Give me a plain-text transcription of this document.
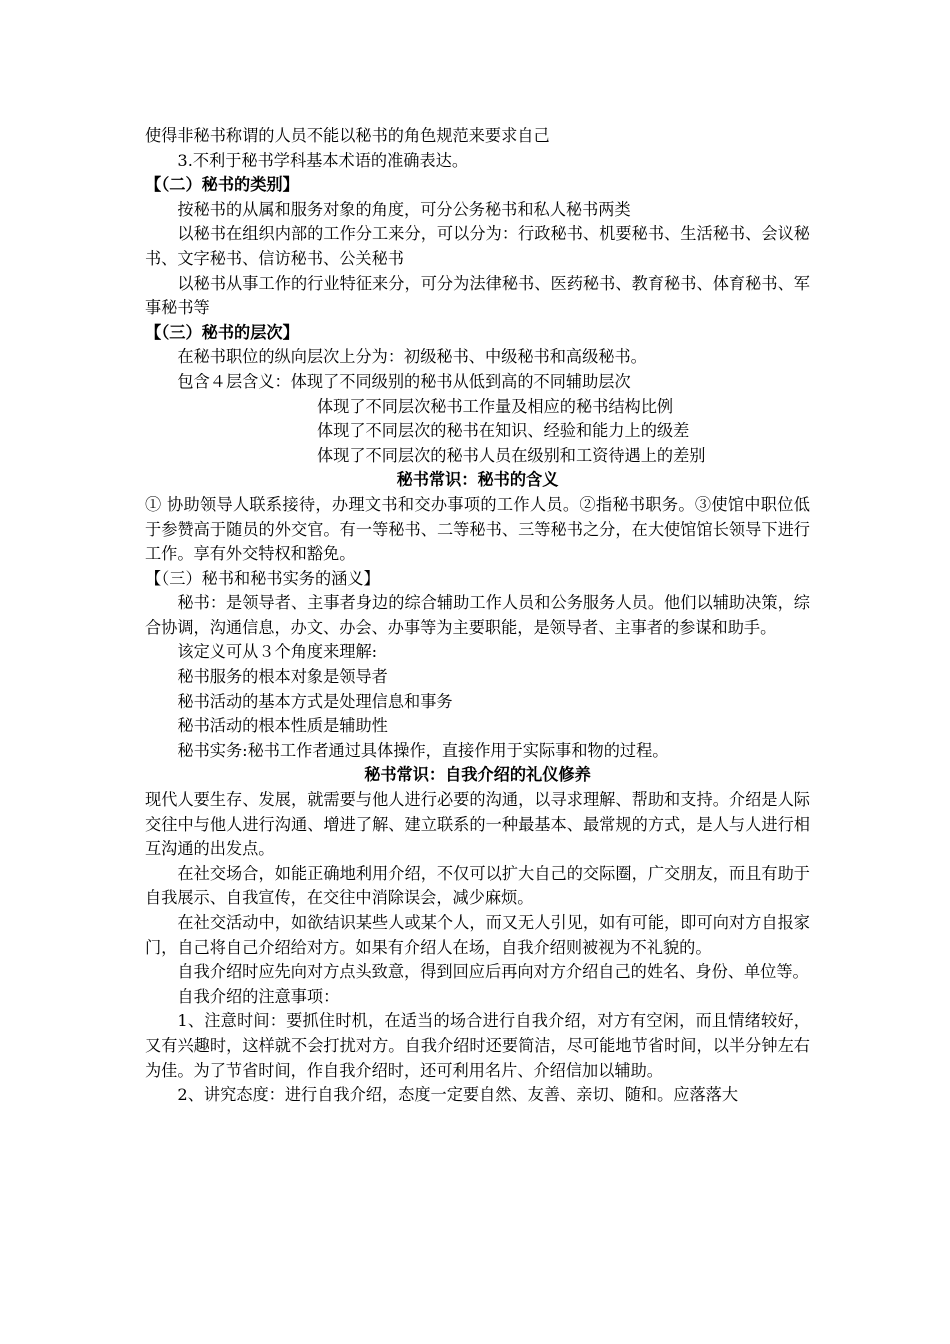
使得非秘书称谓的人员不能以秘书的角色规范来要求自己

3.不利于秘书学科基本术语的准确表达。

【（二）秘书的类别】

按秘书的从属和服务对象的角度，可分公务秘书和私人秘书两类

以秘书在组织内部的工作分工来分，可以分为：行政秘书、机要秘书、生活秘书、会议秘 书、文字秘书、信访秘书、公关秘书

以秘书从事工作的行业特征来分，可分为法律秘书、医药秘书、教育秘书、体育秘书、军事秘书等

【（三）秘书的层次】

在秘书职位的纵向层次上分为：初级秘书、中级秘书和高级秘书。

包含４层含义：体现了不同级别的秘书从低到高的不同辅助层次

体现了不同层次秘书工作量及相应的秘书结构比例

体现了不同层次的秘书在知识、经验和能力上的级差

体现了不同层次的秘书人员在级别和工资待遇上的差别

秘书常识：秘书的含义

① 协助领导人联系接待，办理文书和交办事项的工作人员。②指秘书职务。③使馆中职位低于参赞高于随员的外交官。有一等秘书、二等秘书、三等秘书之分，在大使馆馆长领导下进行工作。享有外交特权和豁免。

【（三）秘书和秘书实务的涵义】

秘书：是领导者、主事者身边的综合辅助工作人员和公务服务人员。他们以辅助决策，综合协调，沟通信息，办文、办会、办事等为主要职能，是领导者、主事者的参谋和助手。

该定义可从３个角度来理解:

秘书服务的根本对象是领导者

秘书活动的基本方式是处理信息和事务

秘书活动的根本性质是辅助性

秘书实务:秘书工作者通过具体操作，直接作用于实际事和物的过程。

秘书常识：自我介绍的礼仪修养

现代人要生存、发展，就需要与他人进行必要的沟通，以寻求理解、帮助和支持。介绍是人际交往中与他人进行沟通、增进了解、建立联系的一种最基本、最常规的方式，是人与人进行相互沟通的出发点。

在社交场合，如能正确地利用介绍，不仅可以扩大自己的交际圈，广交朋友，而且有助于自我展示、自我宣传，在交往中消除误会，减少麻烦。

在社交活动中，如欲结识某些人或某个人，而又无人引见，如有可能，即可向对方自报家门，自己将自己介绍给对方。如果有介绍人在场，自我介绍则被视为不礼貌的。

自我介绍时应先向对方点头致意，得到回应后再向对方介绍自己的姓名、身份、单位等。

自我介绍的注意事项：

1、注意时间：要抓住时机，在适当的场合进行自我介绍，对方有空闲，而且情绪较好，又有兴趣时，这样就不会打扰对方。自我介绍时还要简洁，尽可能地节省时间，以半分钟左右为佳。为了节省时间，作自我介绍时，还可利用名片、介绍信加以辅助。

2、讲究态度：进行自我介绍，态度一定要自然、友善、亲切、随和。应落落大
